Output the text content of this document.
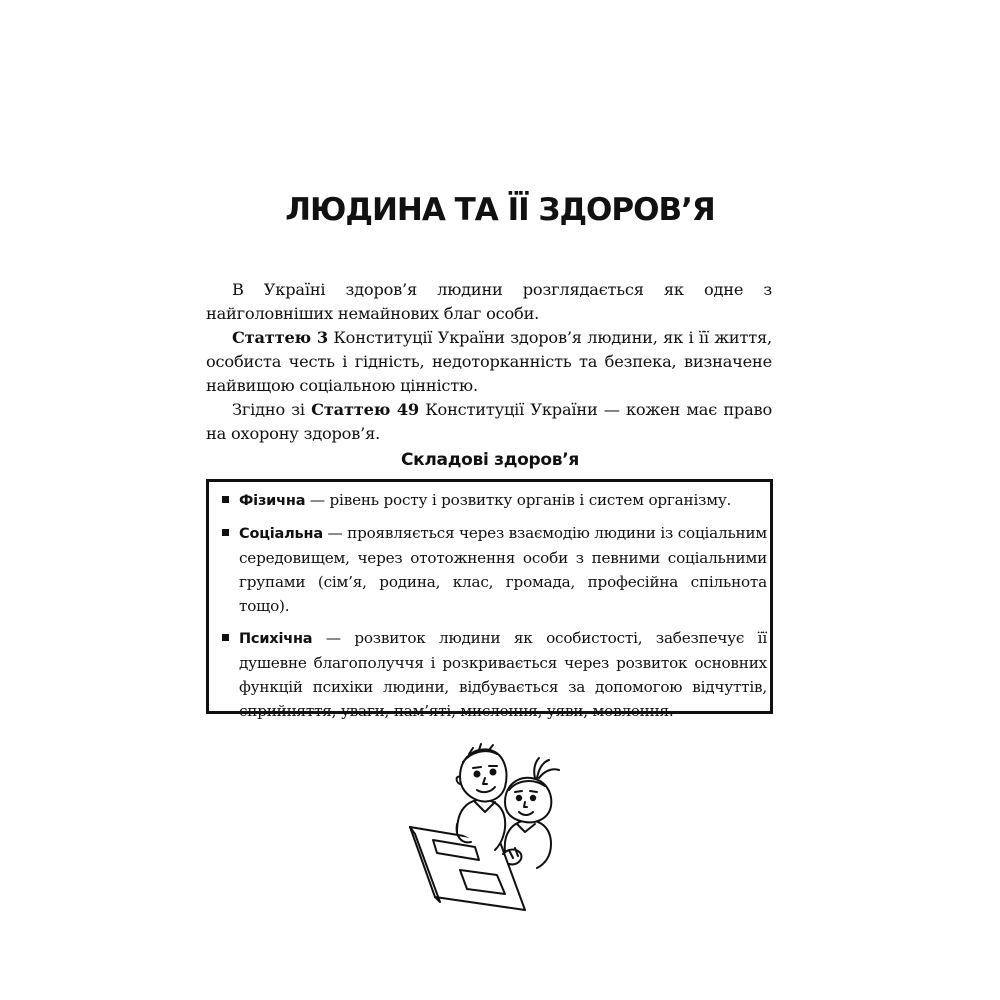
ЛЮДИНА ТА ЇЇ ЗДОРОВ’Я

В Україні здоров’я людини розглядається як одне з найголовніших немайнових благ особи.

Статтею 3 Конституції України здоров’я людини, як і її життя, особиста честь і гідність, недоторканність та безпека, визначене найвищою соціальною цінністю.

Згідно зі Статтею 49 Конституції України — кожен має право на охорону здоров’я.

Складові здоров’я
Фізична — рівень росту і розвитку органів і систем організму.
Соціальна — проявляється через взаємодію людини із соціальним середовищем, через ототожнення особи з певними соціальними групами (сім’я, родина, клас, громада, професійна спільнота тощо).
Психічна — розвиток людини як особистості, забезпечує її душевне благополуччя і розкривається через розвиток основних функцій психіки людини, відбувається за допомогою відчуттів, сприйняття, уваги, пам’яті, мислення, уяви, мовлення.
